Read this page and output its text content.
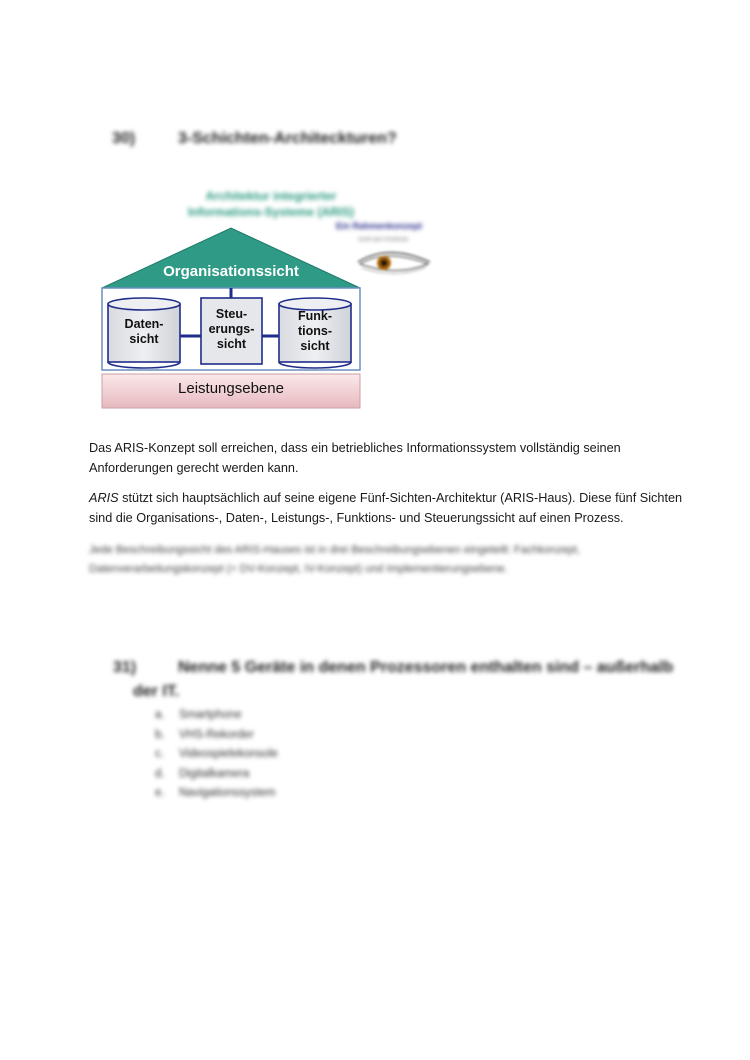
30)	3-Schichten-Architeckturen?
Architektur integrierter
Informations-Systeme (ARIS)
Ein Rahmenkonzept
Sicht auf Prozesse
Organisationssicht
Daten-
sicht
Steu-
erungs-
sicht
Funk-
tions-
sicht
Leistungsebene

Das ARIS-Konzept soll erreichen, dass ein betriebliches Informationssystem vollständig seinen Anforderungen gerecht werden kann.

ARIS stützt sich hauptsächlich auf seine eigene Fünf-Sichten-Architektur (ARIS-Haus). Diese fünf Sichten sind die Organisations-, Daten-, Leistungs-, Funktions- und Steuerungssicht auf einen Prozess.

Jede Beschreibungssicht des ARIS-Hauses ist in drei Beschreibungsebenen eingeteilt: Fachkonzept, Datenverarbeitungskonzept (= DV-Konzept, IV-Konzept) und Implementierungsebene.

31)	Nenne 5 Geräte in denen Prozessoren enthalten sind – außerhalb
der IT.
a. Smartphone
b. VHS-Rekorder
c. Videospielekonsole
d. Digitalkamera
e. Navigationssystem
